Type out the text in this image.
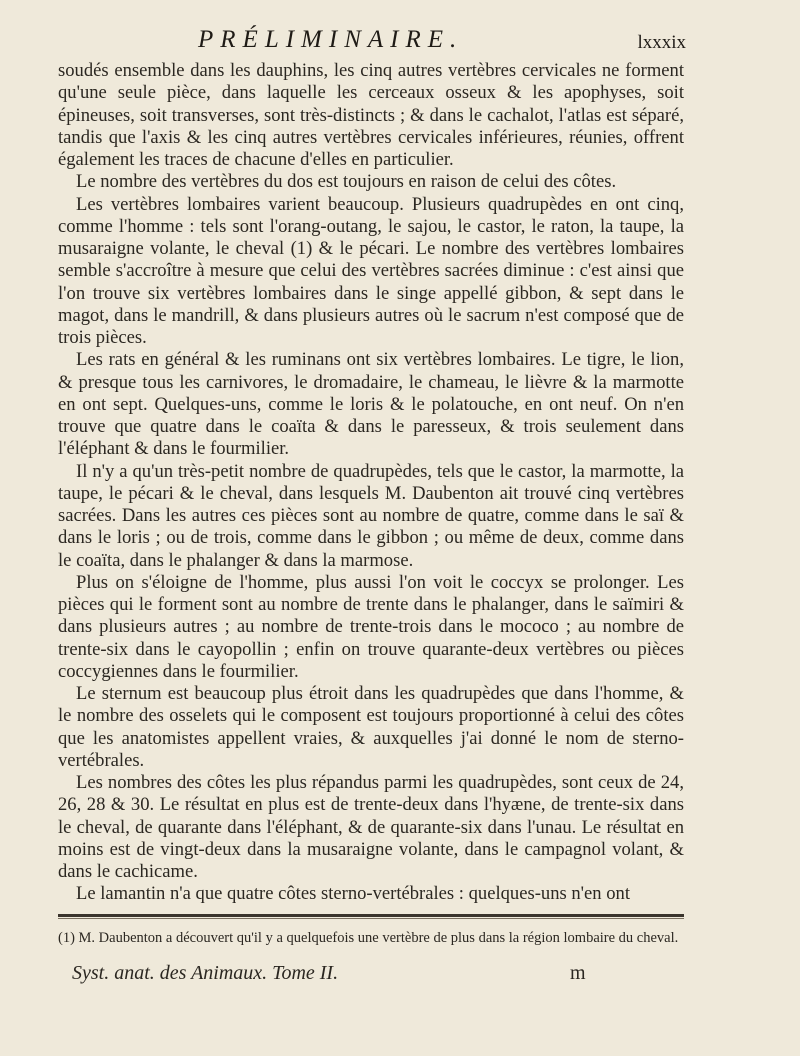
PRÉLIMINAIRE.	lxxxix

soudés ensemble dans les dauphins, les cinq autres vertèbres cervicales ne forment qu'une seule pièce, dans laquelle les cerceaux osseux & les apophyses, soit épineuses, soit transverses, sont très-distincts ; & dans le cachalot, l'atlas est séparé, tandis que l'axis & les cinq autres vertèbres cervicales inférieures, réunies, offrent également les traces de chacune d'elles en particulier.

Le nombre des vertèbres du dos est toujours en raison de celui des côtes.

Les vertèbres lombaires varient beaucoup. Plusieurs quadrupèdes en ont cinq, comme l'homme : tels sont l'orang-outang, le sajou, le castor, le raton, la taupe, la musaraigne volante, le cheval (1) & le pécari. Le nombre des vertèbres lombaires semble s'accroître à mesure que celui des vertèbres sacrées diminue : c'est ainsi que l'on trouve six vertèbres lombaires dans le singe appellé gibbon, & sept dans le magot, dans le mandrill, & dans plusieurs autres où le sacrum n'est composé que de trois pièces.

Les rats en général & les ruminans ont six vertèbres lombaires. Le tigre, le lion, & presque tous les carnivores, le dromadaire, le chameau, le lièvre & la marmotte en ont sept. Quelques-uns, comme le loris & le polatouche, en ont neuf. On n'en trouve que quatre dans le coaïta & dans le paresseux, & trois seulement dans l'éléphant & dans le fourmilier.

Il n'y a qu'un très-petit nombre de quadrupèdes, tels que le castor, la marmotte, la taupe, le pécari & le cheval, dans lesquels M. Daubenton ait trouvé cinq vertèbres sacrées. Dans les autres ces pièces sont au nombre de quatre, comme dans le saï & dans le loris ; ou de trois, comme dans le gibbon ; ou même de deux, comme dans le coaïta, dans le phalanger & dans la marmose.

Plus on s'éloigne de l'homme, plus aussi l'on voit le coccyx se prolonger. Les pièces qui le forment sont au nombre de trente dans le phalanger, dans le saïmiri & dans plusieurs autres ; au nombre de trente-trois dans le mococo ; au nombre de trente-six dans le cayopollin ; enfin on trouve quarante-deux vertèbres ou pièces coccygiennes dans le fourmilier.

Le sternum est beaucoup plus étroit dans les quadrupèdes que dans l'homme, & le nombre des osselets qui le composent est toujours proportionné à celui des côtes que les anatomistes appellent vraies, & auxquelles j'ai donné le nom de sterno-vertébrales.

Les nombres des côtes les plus répandus parmi les quadrupèdes, sont ceux de 24, 26, 28 & 30. Le résultat en plus est de trente-deux dans l'hyæne, de trente-six dans le cheval, de quarante dans l'éléphant, & de quarante-six dans l'unau. Le résultat en moins est de vingt-deux dans la musaraigne volante, dans le campagnol volant, & dans le cachicame.

Le lamantin n'a que quatre côtes sterno-vertébrales : quelques-uns n'en ont

(1) M. Daubenton a découvert qu'il y a quelquefois une vertèbre de plus dans la région lombaire du cheval.
Syst. anat. des Animaux. Tome II.	m
